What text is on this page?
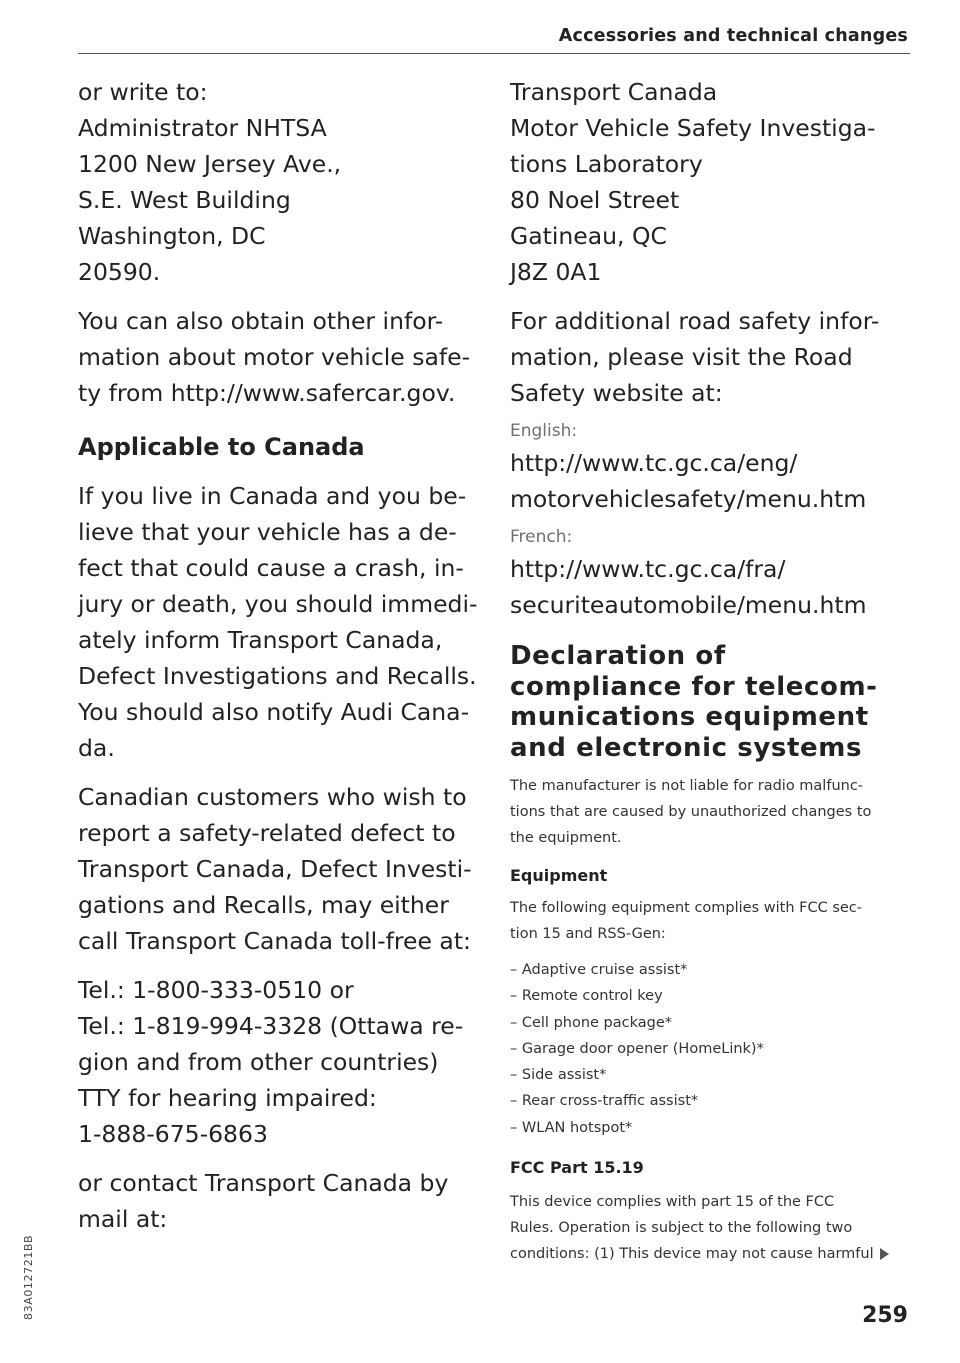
Accessories and technical changes

or write to:

Administrator NHTSA
1200 New Jersey Ave.,
S.E. West Building
Washington, DC
20590.

You can also obtain other infor-
mation about motor vehicle safe-
ty from http://www.safercar.gov.

Applicable to Canada

If you live in Canada and you be-
lieve that your vehicle has a de-
fect that could cause a crash, in-
jury or death, you should immedi-
ately inform Transport Canada,
Defect Investigations and Recalls.
You should also notify Audi Cana-
da.

Canadian customers who wish to
report a safety-related defect to
Transport Canada, Defect Investi-
gations and Recalls, may either
call Transport Canada toll-free at:

Tel.: 1-800-333-0510 or
Tel.: 1-819-994-3328 (Ottawa re-
gion and from other countries)
TTY for hearing impaired:
1-888-675-6863

or contact Transport Canada by
mail at:

Transport Canada
Motor Vehicle Safety Investiga-
tions Laboratory
80 Noel Street
Gatineau, QC
J8Z 0A1

For additional road safety infor-
mation, please visit the Road
Safety website at:

English:

http://www.tc.gc.ca/eng/
motorvehiclesafety/menu.htm

French:

http://www.tc.gc.ca/fra/
securiteautomobile/menu.htm

Declaration of
compliance for telecom-
munications equipment
and electronic systems

The manufacturer is not liable for radio malfunc-
tions that are caused by unauthorized changes to
the equipment.

Equipment

The following equipment complies with FCC sec-
tion 15 and RSS-Gen:

– Adaptive cruise assist*
– Remote control key
– Cell phone package*
– Garage door opener (HomeLink)*
– Side assist*
– Rear cross-traffic assist*
– WLAN hotspot*

FCC Part 15.19

This device complies with part 15 of the FCC
Rules. Operation is subject to the following two
conditions: (1) This device may not cause harmful

259
83A012721BB
